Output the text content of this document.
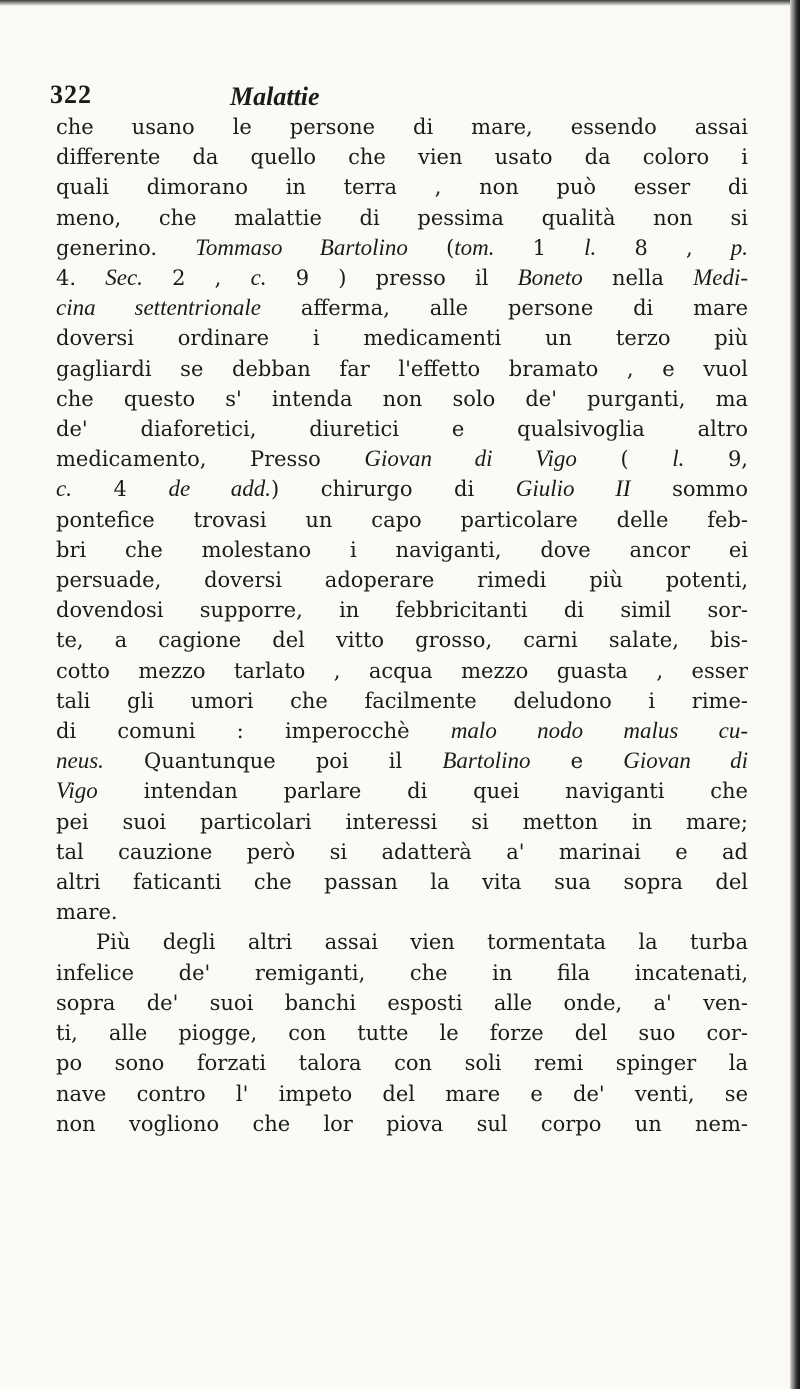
322	Malattie
che usano le persone di mare, essendo assai
differente da quello che vien usato da coloro i
quali dimorano in terra , non può esser di
meno, che malattie di pessima qualità non si
generino. Tommaso Bartolino (tom. 1 l. 8 , p.
4. Sec. 2 , c. 9 ) presso il Boneto nella Medi-
cina settentrionale afferma, alle persone di mare
doversi ordinare i medicamenti un terzo più
gagliardi se debban far l'effetto bramato , e vuol
che questo s' intenda non solo de' purganti, ma
de' diaforetici, diuretici e qualsivoglia altro
medicamento, Presso Giovan di Vigo ( l. 9,
c. 4 de add.) chirurgo di Giulio II sommo
pontefice trovasi un capo particolare delle feb-
bri che molestano i naviganti, dove ancor ei
persuade, doversi adoperare rimedi più potenti,
dovendosi supporre, in febbricitanti di simil sor-
te, a cagione del vitto grosso, carni salate, bis-
cotto mezzo tarlato , acqua mezzo guasta , esser
tali gli umori che facilmente deludono i rime-
di comuni : imperocchè malo nodo malus cu-
neus. Quantunque poi il Bartolino e Giovan di
Vigo intendan parlare di quei naviganti che
pei suoi particolari interessi si metton in mare;
tal cauzione però si adatterà a' marinai e ad
altri faticanti che passan la vita sua sopra del
mare.
Più degli altri assai vien tormentata la turba
infelice de' remiganti, che in fila incatenati,
sopra de' suoi banchi esposti alle onde, a' ven-
ti, alle piogge, con tutte le forze del suo cor-
po sono forzati talora con soli remi spinger la
nave contro l' impeto del mare e de' venti, se
non vogliono che lor piova sul corpo un nem-
